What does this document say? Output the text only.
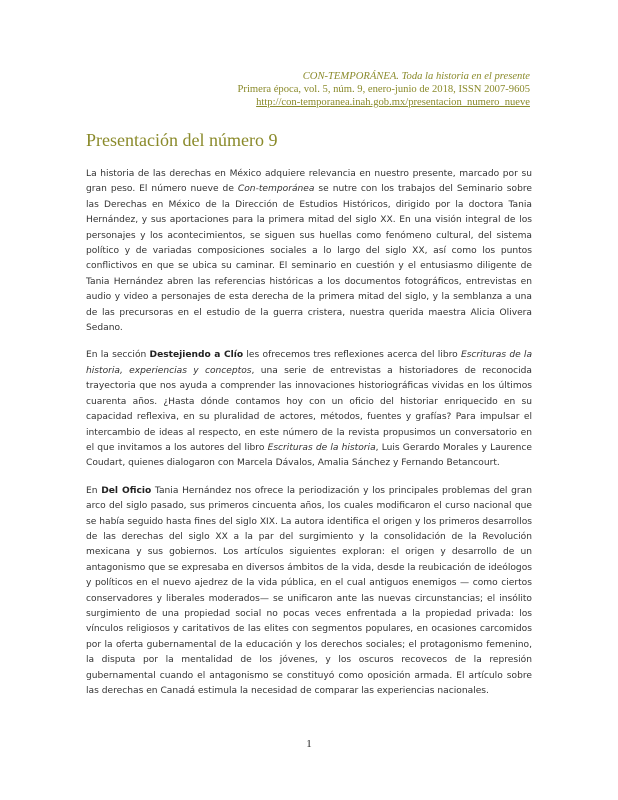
CON-TEMPORÁNEA. Toda la historia en el presente
Primera época, vol. 5, núm. 9, enero-junio de 2018, ISSN 2007-9605
http://con-temporanea.inah.gob.mx/presentacion_numero_nueve
Presentación del número 9

La historia de las derechas en México adquiere relevancia en nuestro presente, marcado por su gran peso. El número nueve de Con-temporánea se nutre con los trabajos del Seminario sobre las Derechas en México de la Dirección de Estudios Históricos, dirigido por la doctora Tania Hernández, y sus aportaciones para la primera mitad del siglo XX. En una visión integral de los personajes y los acontecimientos, se siguen sus huellas como fenómeno cultural, del sistema político y de variadas composiciones sociales a lo largo del siglo XX, así como los puntos conflictivos en que se ubica su caminar. El seminario en cuestión y el entusiasmo diligente de Tania Hernández abren las referencias históricas a los documentos fotográficos, entrevistas en audio y video a personajes de esta derecha de la primera mitad del siglo, y la semblanza a una de las precursoras en el estudio de la guerra cristera, nuestra querida maestra Alicia Olivera Sedano.

En la sección Destejiendo a Clío les ofrecemos tres reflexiones acerca del libro Escrituras de la historia, experiencias y conceptos, una serie de entrevistas a historiadores de reconocida trayectoria que nos ayuda a comprender las innovaciones historiográficas vividas en los últimos cuarenta años. ¿Hasta dónde contamos hoy con un oficio del historiar enriquecido en su capacidad reflexiva, en su pluralidad de actores, métodos, fuentes y grafías? Para impulsar el intercambio de ideas al respecto, en este número de la revista propusimos un conversatorio en el que invitamos a los autores del libro Escrituras de la historia, Luis Gerardo Morales y Laurence Coudart, quienes dialogaron con Marcela Dávalos, Amalia Sánchez y Fernando Betancourt.

En Del Oficio Tania Hernández nos ofrece la periodización y los principales problemas del gran arco del siglo pasado, sus primeros cincuenta años, los cuales modificaron el curso nacional que se había seguido hasta fines del siglo XIX. La autora identifica el origen y los primeros desarrollos de las derechas del siglo XX a la par del surgimiento y la consolidación de la Revolución mexicana y sus gobiernos. Los artículos siguientes exploran: el origen y desarrollo de un antagonismo que se expresaba en diversos ámbitos de la vida, desde la reubicación de ideólogos y políticos en el nuevo ajedrez de la vida pública, en el cual antiguos enemigos — como ciertos conservadores y liberales moderados— se unificaron ante las nuevas circunstancias; el insólito surgimiento de una propiedad social no pocas veces enfrentada a la propiedad privada: los vínculos religiosos y caritativos de las elites con segmentos populares, en ocasiones carcomidos por la oferta gubernamental de la educación y los derechos sociales; el protagonismo femenino, la disputa por la mentalidad de los jóvenes, y los oscuros recovecos de la represión gubernamental cuando el antagonismo se constituyó como oposición armada. El artículo sobre las derechas en Canadá estimula la necesidad de comparar las experiencias nacionales.

1
